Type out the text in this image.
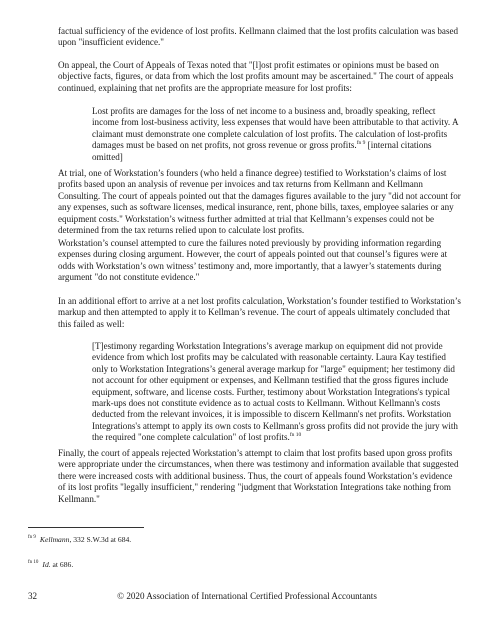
factual sufficiency of the evidence of lost profits. Kellmann claimed that the lost profits calculation was based upon "insufficient evidence."

On appeal, the Court of Appeals of Texas noted that "[l]ost profit estimates or opinions must be based on objective facts, figures, or data from which the lost profits amount may be ascertained." The court of appeals continued, explaining that net profits are the appropriate measure for lost profits:

Lost profits are damages for the loss of net income to a business and, broadly speaking, reflect income from lost-business activity, less expenses that would have been attributable to that activity. A claimant must demonstrate one complete calculation of lost profits. The calculation of lost-profits damages must be based on net profits, not gross revenue or gross profits.$^{fn 9}$ [internal citations omitted]

At trial, one of Workstation’s founders (who held a finance degree) testified to Workstation’s claims of lost profits based upon an analysis of revenue per invoices and tax returns from Kellmann and Kellmann Consulting. The court of appeals pointed out that the damages figures available to the jury "did not account for any expenses, such as software licenses, medical insurance, rent, phone bills, taxes, employee salaries or any equipment costs." Workstation’s witness further admitted at trial that Kellmann’s expenses could not be determined from the tax returns relied upon to calculate lost profits.

Workstation’s counsel attempted to cure the failures noted previously by providing information regarding expenses during closing argument. However, the court of appeals pointed out that counsel’s figures were at odds with Workstation’s own witness’ testimony and, more importantly, that a lawyer’s statements during argument "do not constitute evidence."

In an additional effort to arrive at a net lost profits calculation, Workstation’s founder testified to Workstation’s markup and then attempted to apply it to Kellman’s revenue. The court of appeals ultimately concluded that this failed as well:

[T]estimony regarding Workstation Integrations’s average markup on equipment did not provide evidence from which lost profits may be calculated with reasonable certainty. Laura Kay testified only to Workstation Integrations’s general average markup for "large" equipment; her testimony did not account for other equipment or expenses, and Kellmann testified that the gross figures include equipment, software, and license costs. Further, testimony about Workstation Integrations's typical mark-ups does not constitute evidence as to actual costs to Kellmann. Without Kellmann's costs deducted from the relevant invoices, it is impossible to discern Kellmann's net profits. Workstation Integrations's attempt to apply its own costs to Kellmann's gross profits did not provide the jury with the required "one complete calculation" of lost profits.$^{fn 10}$

Finally, the court of appeals rejected Workstation’s attempt to claim that lost profits based upon gross profits were appropriate under the circumstances, when there was testimony and information available that suggested there were increased costs with additional business. Thus, the court of appeals found Workstation’s evidence of its lost profits "legally insufficient," rendering "judgment that Workstation Integrations take nothing from Kellmann."

$^{fn 9}$ Kellmann, 332 S.W.3d at 684.
$^{fn 10}$ Id. at 686.
32	© 2020 Association of International Certified Professional Accountants
